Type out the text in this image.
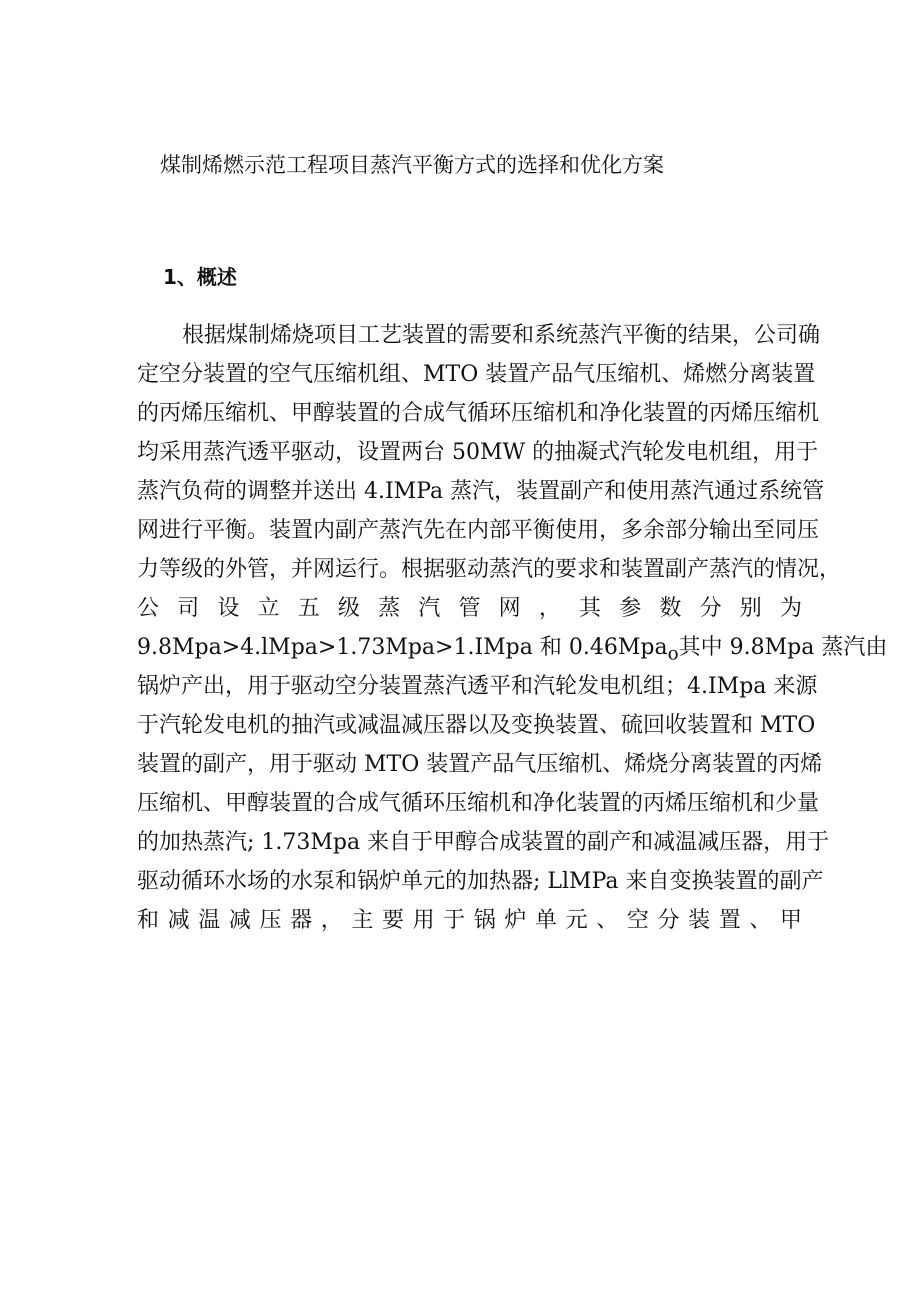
煤制烯燃示范工程项目蒸汽平衡方式的选择和优化方案
1、概述
根据煤制烯烧项目工艺装置的需要和系统蒸汽平衡的结果，公司确
定空分装置的空气压缩机组、MTO 装置产品气压缩机、烯燃分离装置
的丙烯压缩机、甲醇装置的合成气循环压缩机和净化装置的丙烯压缩机
均采用蒸汽透平驱动，设置两台 50MW 的抽凝式汽轮发电机组，用于
蒸汽负荷的调整并送出 4.IMPa 蒸汽，装置副产和使用蒸汽通过系统管
网进行平衡。装置内副产蒸汽先在内部平衡使用，多余部分输出至同压
力等级的外管，并网运行。根据驱动蒸汽的要求和装置副产蒸汽的情况，
公司设立五级蒸汽管网，其参数分别为
9.8Mpa>4.lMpa>1.73Mpa>1.IMpa 和 0.46Mpa$_o$其中 9.8Mpa 蒸汽由
锅炉产出，用于驱动空分装置蒸汽透平和汽轮发电机组；4.IMpa 来源
于汽轮发电机的抽汽或减温减压器以及变换装置、硫回收装置和 MTO
装置的副产，用于驱动 MTO 装置产品气压缩机、烯烧分离装置的丙烯
压缩机、甲醇装置的合成气循环压缩机和净化装置的丙烯压缩机和少量
的加热蒸汽; 1.73Mpa 来自于甲醇合成装置的副产和减温减压器，用于
驱动循环水场的水泵和锅炉单元的加热器; LlMPa 来自变换装置的副产
和减温减压器，主要用于锅炉单元、空分装置、甲
